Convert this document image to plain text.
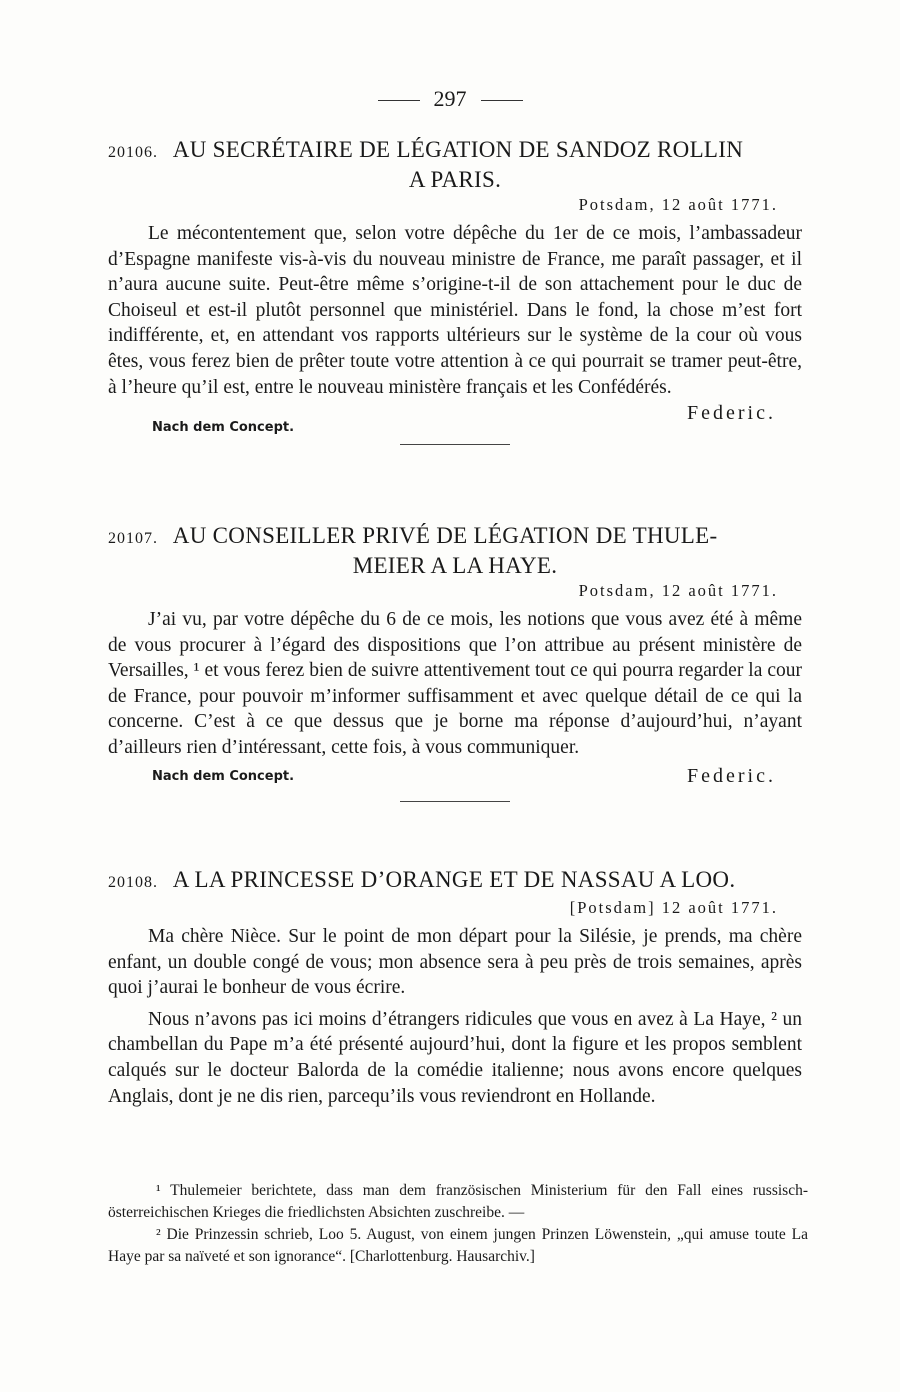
297
20106. AU SECRÉTAIRE DE LÉGATION DE SANDOZ ROLLIN
A PARIS.
Potsdam, 12 août 1771.

Le mécontentement que, selon votre dépêche du 1er de ce mois, l’ambassadeur d’Espagne manifeste vis-à-vis du nouveau ministre de France, me paraît passager, et il n’aura aucune suite. Peut-être même s’origine-t-il de son attachement pour le duc de Choiseul et est-il plutôt personnel que ministériel. Dans le fond, la chose m’est fort indifférente, et, en attendant vos rapports ultérieurs sur le système de la cour où vous êtes, vous ferez bien de prêter toute votre attention à ce qui pourrait se tramer peut-être, à l’heure qu’il est, entre le nouveau ministère français et les Confédérés.

Nach dem Concept.
Federic.
20107. AU CONSEILLER PRIVÉ DE LÉGATION DE THULE-
MEIER A LA HAYE.
Potsdam, 12 août 1771.

J’ai vu, par votre dépêche du 6 de ce mois, les notions que vous avez été à même de vous procurer à l’égard des dispositions que l’on attribue au présent ministère de Versailles, ¹ et vous ferez bien de suivre attentivement tout ce qui pourra regarder la cour de France, pour pouvoir m’informer suffisamment et avec quelque détail de ce qui la concerne. C’est à ce que dessus que je borne ma réponse d’aujourd’hui, n’ayant d’ailleurs rien d’intéressant, cette fois, à vous communiquer.

Nach dem Concept.	Federic.
20108. A LA PRINCESSE D’ORANGE ET DE NASSAU A LOO.
[Potsdam] 12 août 1771.

Ma chère Nièce. Sur le point de mon départ pour la Silésie, je prends, ma chère enfant, un double congé de vous; mon absence sera à peu près de trois semaines, après quoi j’aurai le bonheur de vous écrire.

Nous n’avons pas ici moins d’étrangers ridicules que vous en avez à La Haye, ² un chambellan du Pape m’a été présenté aujourd’hui, dont la figure et les propos semblent calqués sur le docteur Balorda de la comédie italienne; nous avons encore quelques Anglais, dont je ne dis rien, parcequ’ils vous reviendront en Hollande.

¹ Thulemeier berichtete, dass man dem französischen Ministerium für den Fall eines russisch-österreichischen Krieges die friedlichsten Absichten zuschreibe. —

² Die Prinzessin schrieb, Loo 5. August, von einem jungen Prinzen Löwenstein, „qui amuse toute La Haye par sa naïveté et son ignorance“. [Charlottenburg. Hausarchiv.]
